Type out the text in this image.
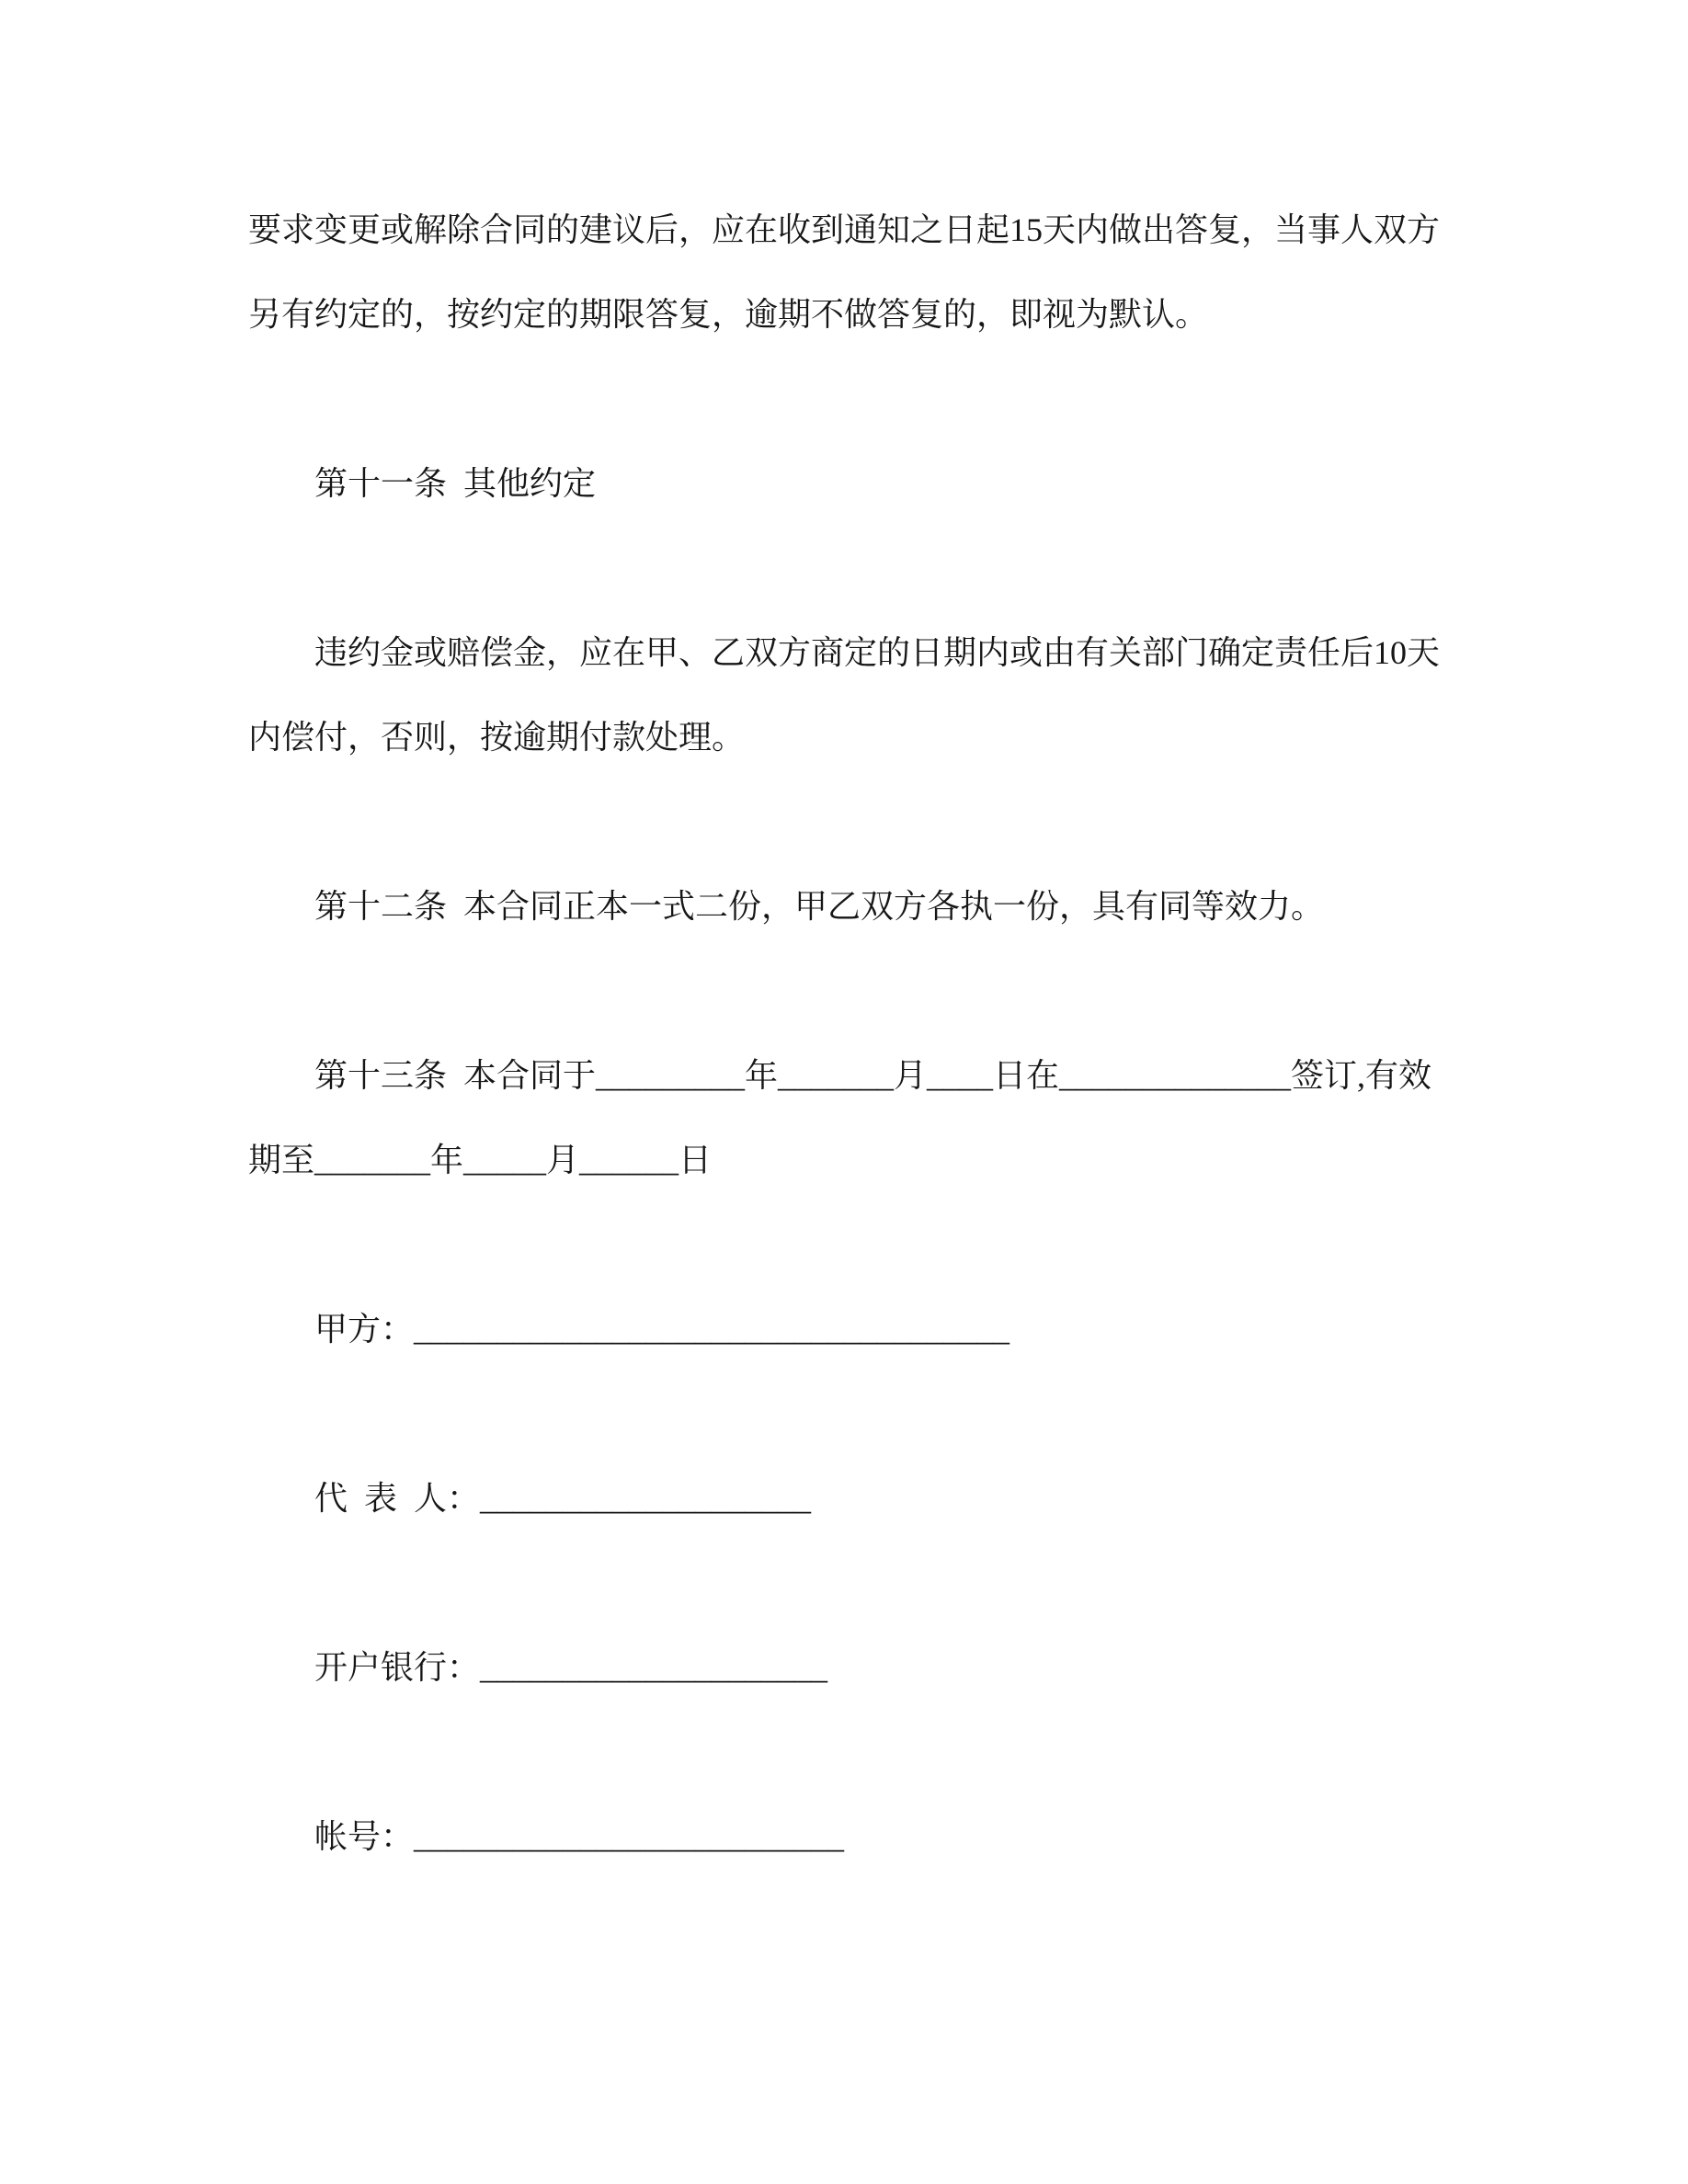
要求变更或解除合同的建议后，应在收到通知之日起15天内做出答复，当事人双方
另有约定的，按约定的期限答复，逾期不做答复的，即视为默认。
第十一条 其他约定
违约金或赔偿金，应在甲、乙双方商定的日期内或由有关部门确定责任后10天
内偿付，否则，按逾期付款处理。
第十二条 本合同正本一式二份，甲乙双方各执一份，具有同等效力。
第十三条 本合同于_________年_______月____日在______________签订,有效
期至_______年_____月______日
甲方：____________________________________
代 表 人：____________________
开户银行：_____________________
帐号：__________________________
